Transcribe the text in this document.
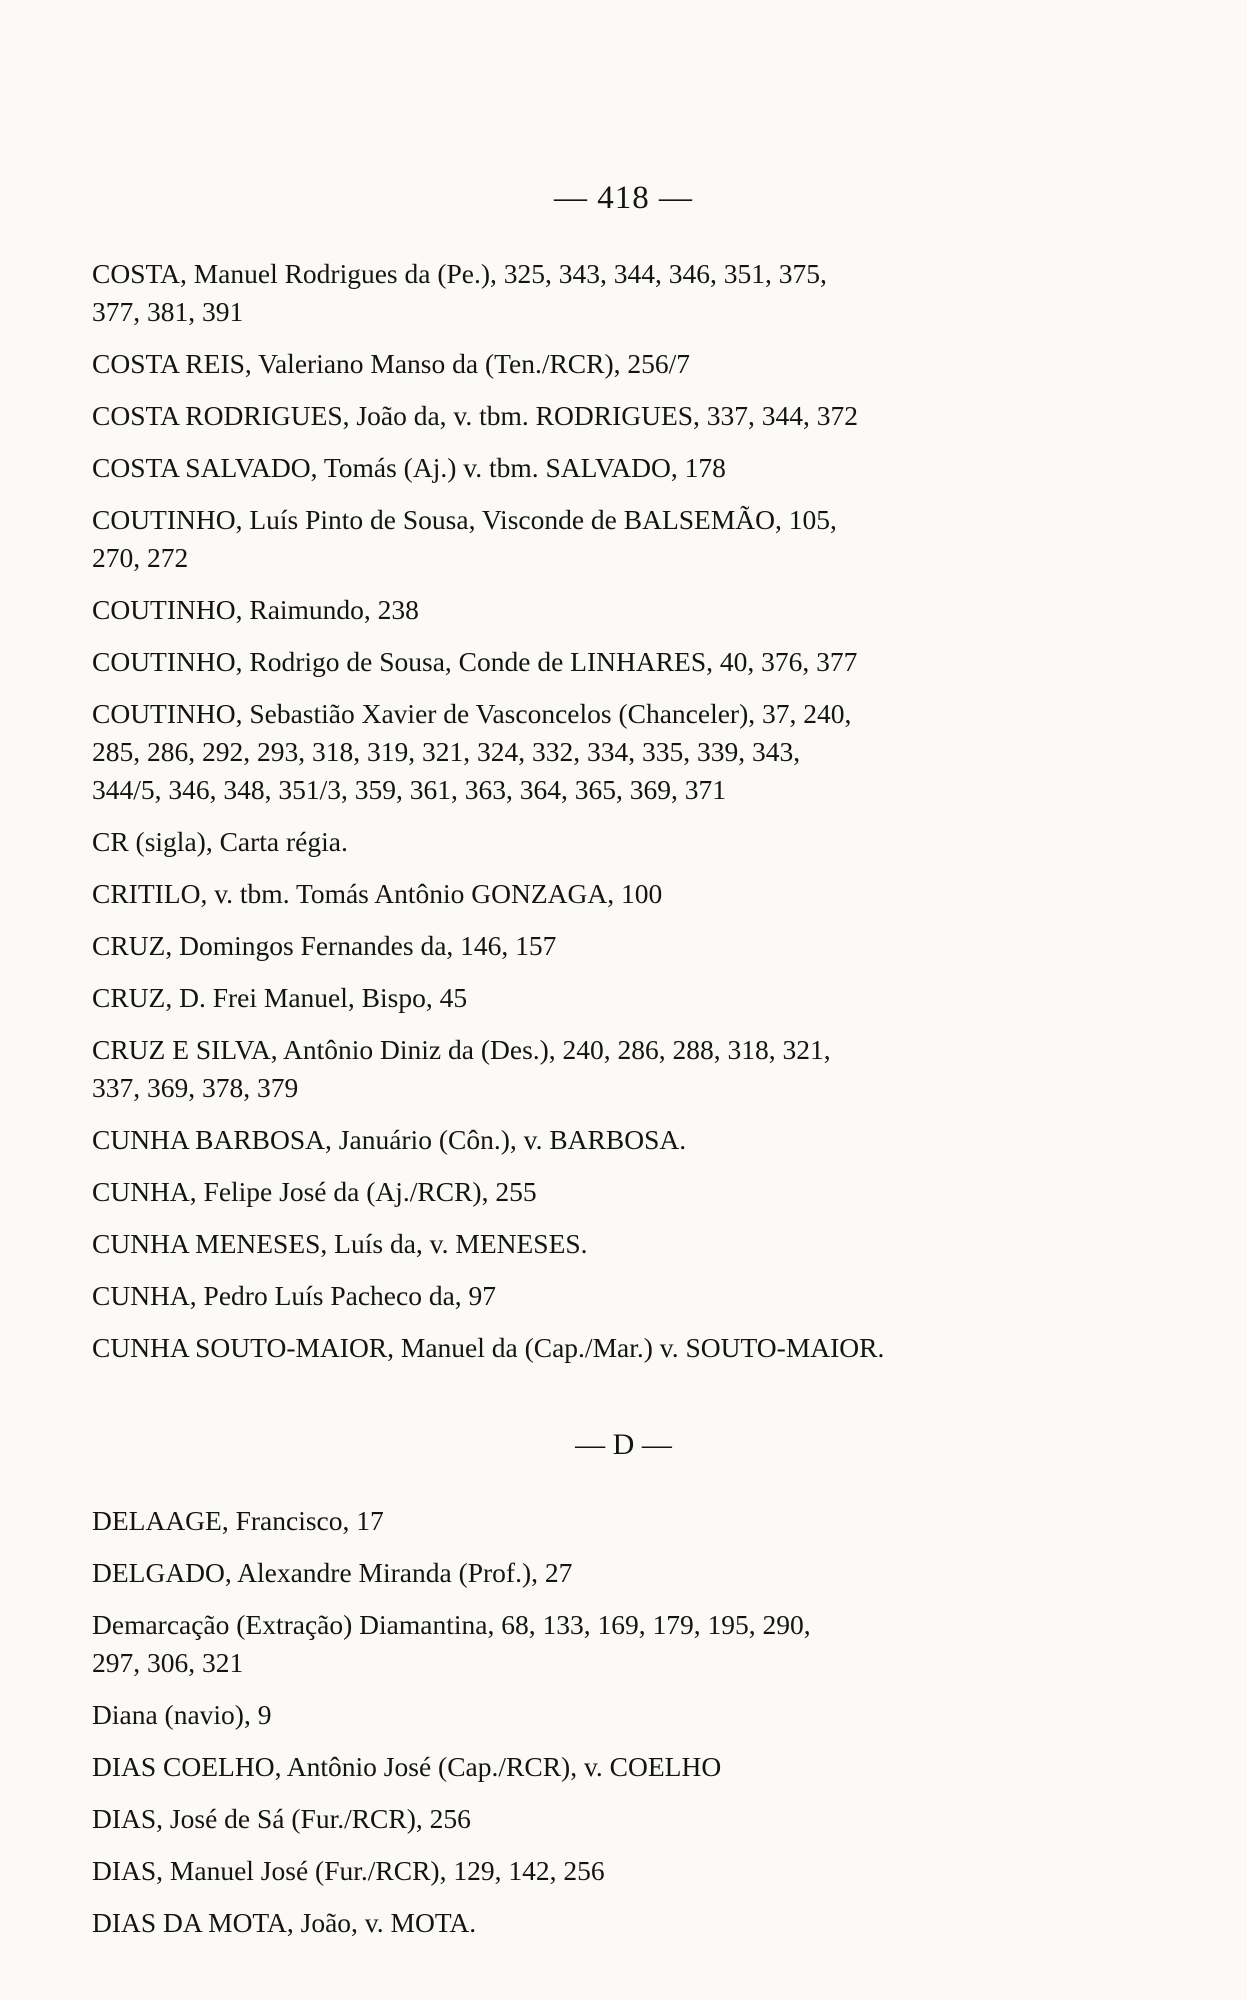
— 418 —
COSTA, Manuel Rodrigues da (Pe.), 325, 343, 344, 346, 351, 375,
377, 381, 391
COSTA REIS, Valeriano Manso da (Ten./RCR), 256/7
COSTA RODRIGUES, João da, v. tbm. RODRIGUES, 337, 344, 372
COSTA SALVADO, Tomás (Aj.) v. tbm. SALVADO, 178
COUTINHO, Luís Pinto de Sousa, Visconde de BALSEMÃO, 105,
270, 272
COUTINHO, Raimundo, 238
COUTINHO, Rodrigo de Sousa, Conde de LINHARES, 40, 376, 377
COUTINHO, Sebastião Xavier de Vasconcelos (Chanceler), 37, 240,
285, 286, 292, 293, 318, 319, 321, 324, 332, 334, 335, 339, 343,
344/5, 346, 348, 351/3, 359, 361, 363, 364, 365, 369, 371
CR (sigla), Carta régia.
CRITILO, v. tbm. Tomás Antônio GONZAGA, 100
CRUZ, Domingos Fernandes da, 146, 157
CRUZ, D. Frei Manuel, Bispo, 45
CRUZ E SILVA, Antônio Diniz da (Des.), 240, 286, 288, 318, 321,
337, 369, 378, 379
CUNHA BARBOSA, Januário (Côn.), v. BARBOSA.
CUNHA, Felipe José da (Aj./RCR), 255
CUNHA MENESES, Luís da, v. MENESES.
CUNHA, Pedro Luís Pacheco da, 97
CUNHA SOUTO-MAIOR, Manuel da (Cap./Mar.) v. SOUTO-MAIOR.
— D —
DELAAGE, Francisco, 17
DELGADO, Alexandre Miranda (Prof.), 27
Demarcação (Extração) Diamantina, 68, 133, 169, 179, 195, 290,
297, 306, 321
Diana (navio), 9
DIAS COELHO, Antônio José (Cap./RCR), v. COELHO
DIAS, José de Sá (Fur./RCR), 256
DIAS, Manuel José (Fur./RCR), 129, 142, 256
DIAS DA MOTA, João, v. MOTA.
